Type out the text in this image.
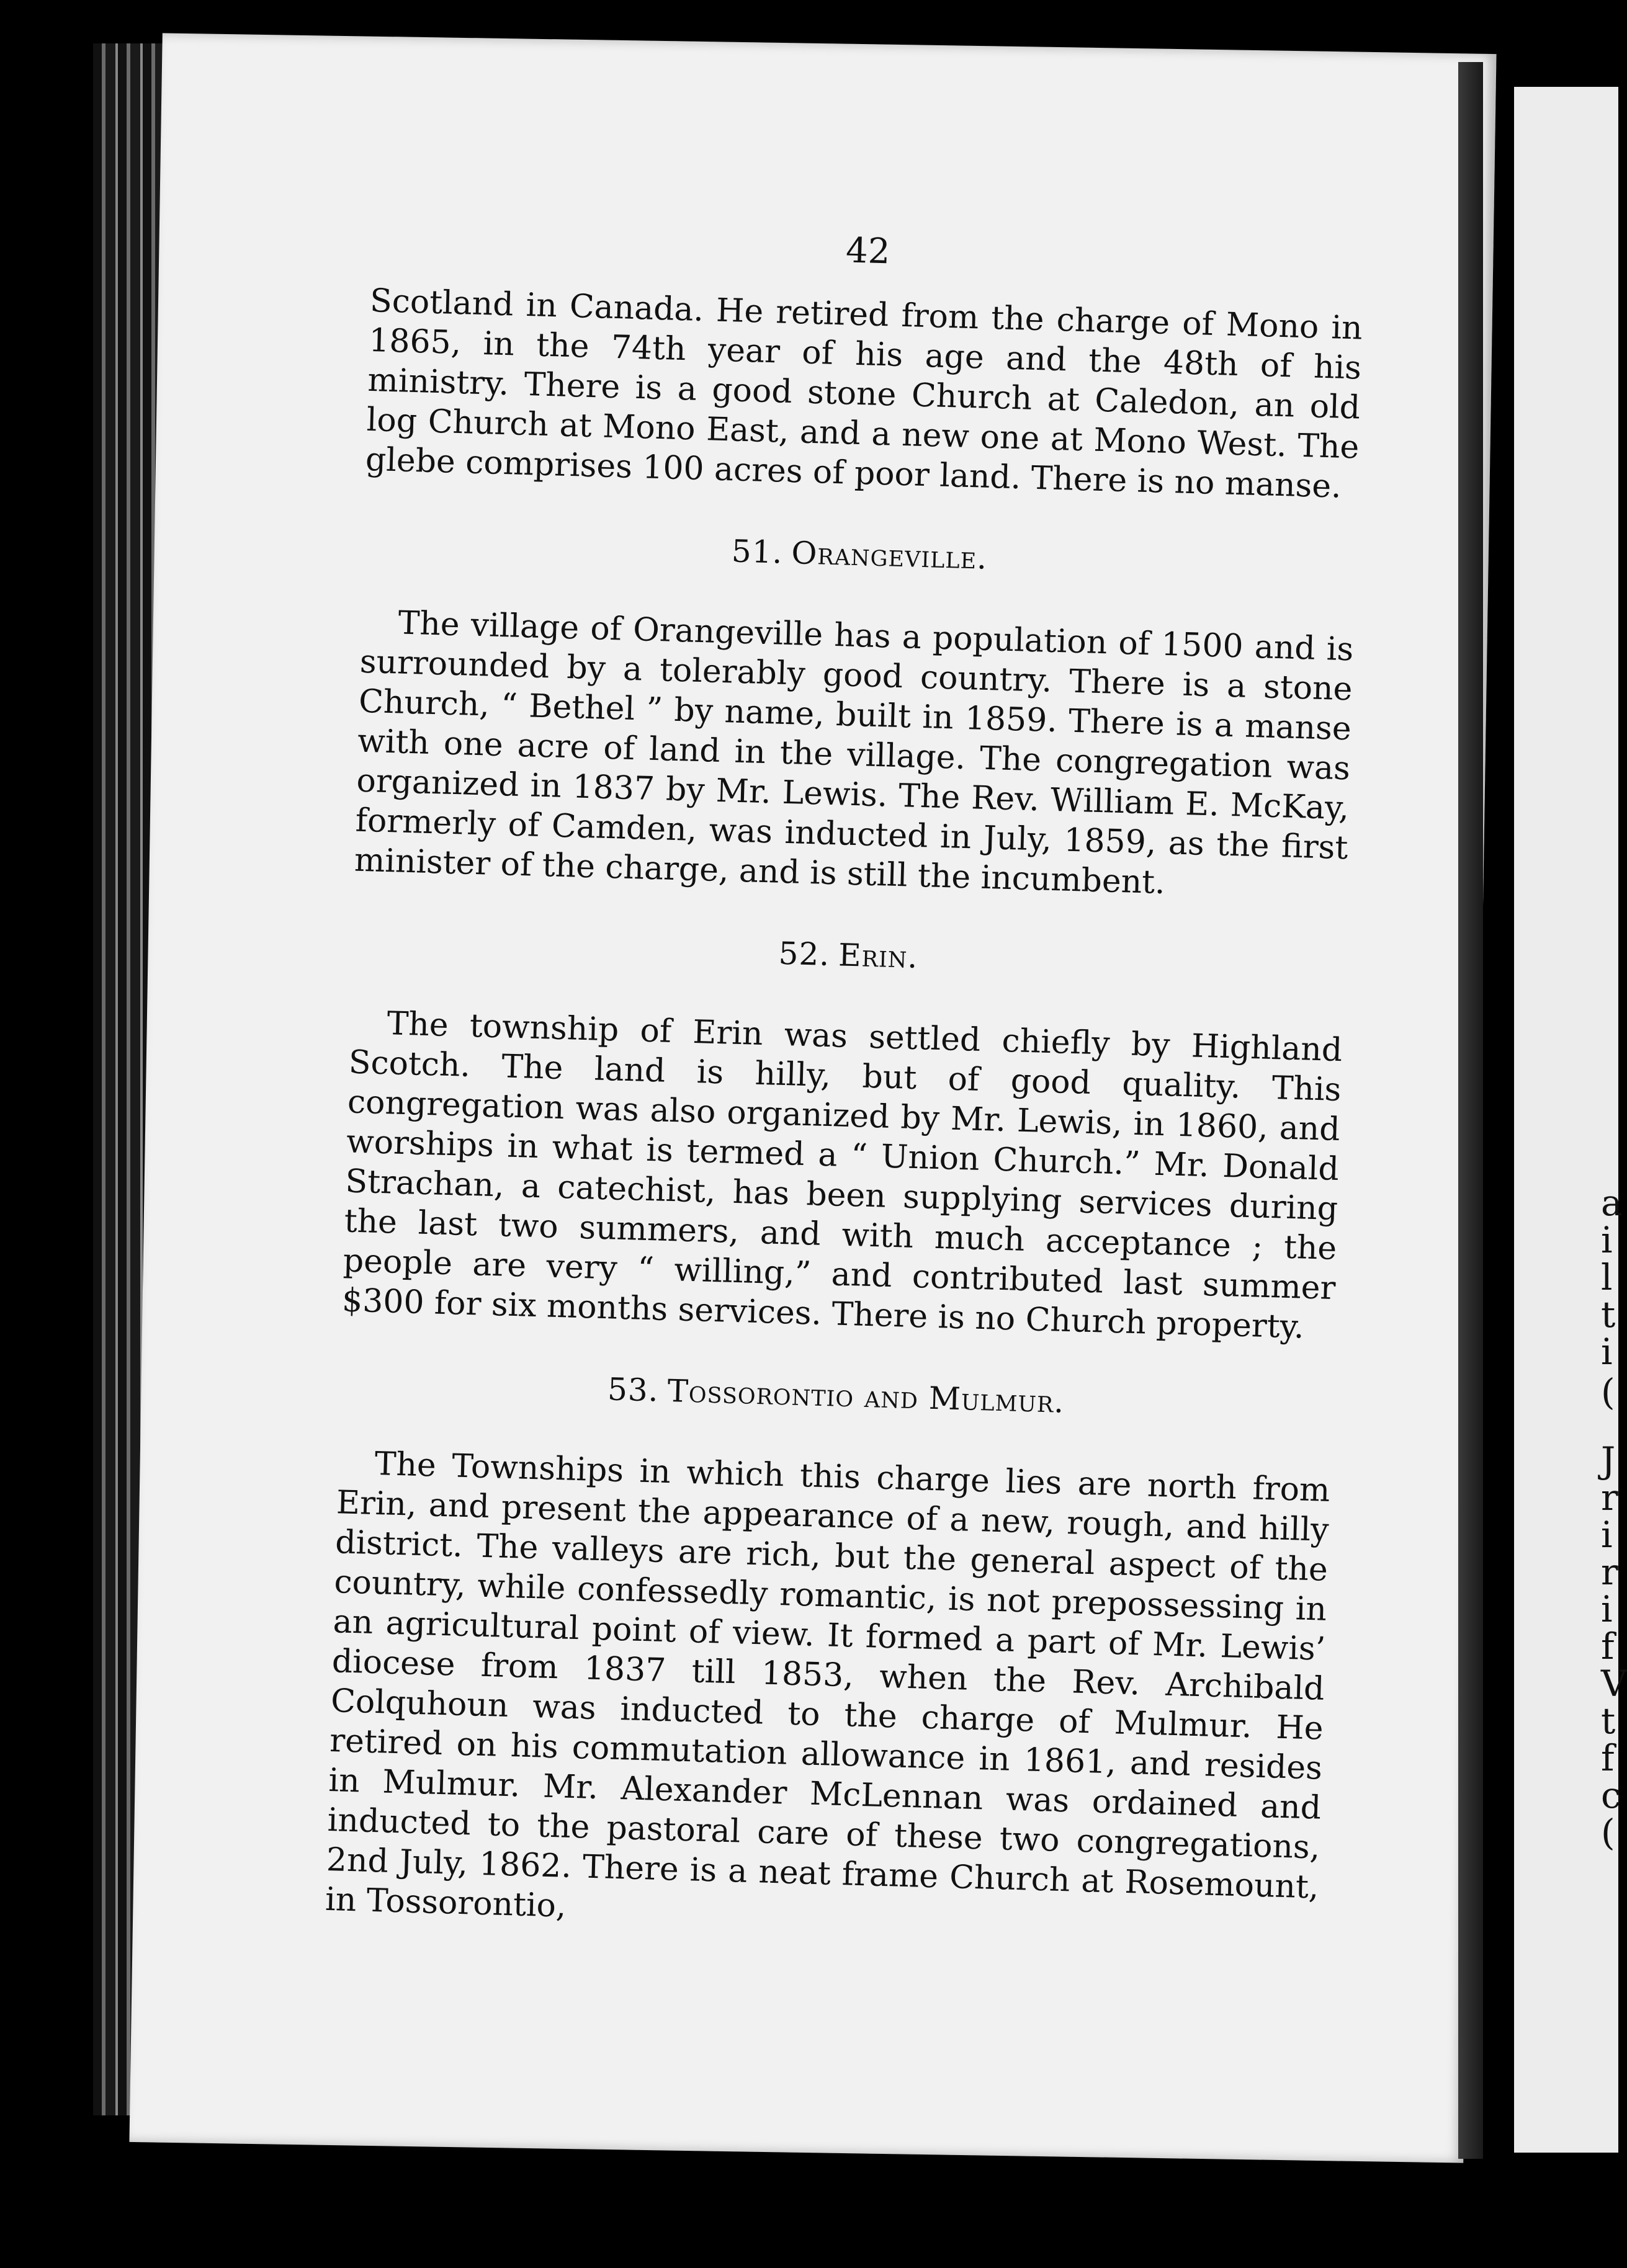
a
i
l
t
i
(
J
r
i
r
i
f
V
t
f
c
(
42

Scotland in Canada. He retired from the charge of Mono in 1865, in the 74th year of his age and the 48th of his ministry. There is a good stone Church at Caledon, an old log Church at Mono East, and a new one at Mono West. The glebe comprises 100 acres of poor land. There is no manse.

51. Orangeville.

The village of Orangeville has a population of 1500 and is surrounded by a tolerably good country. There is a stone Church, “ Bethel ” by name, built in 1859. There is a manse with one acre of land in the village. The congregation was organized in 1837 by Mr. Lewis. The Rev. William E. McKay, formerly of Camden, was inducted in July, 1859, as the first minister of the charge, and is still the incumbent.

52. Erin.

The township of Erin was settled chiefly by Highland Scotch. The land is hilly, but of good quality. This congregation was also organized by Mr. Lewis, in 1860, and worships in what is termed a “ Union Church.” Mr. Donald Strachan, a catechist, has been supplying services during the last two summers, and with much acceptance ; the people are very “ willing,” and contributed last summer $300 for six months services. There is no Church property.

53. Tossorontio and Mulmur.

The Townships in which this charge lies are north from Erin, and present the appearance of a new, rough, and hilly district. The valleys are rich, but the general aspect of the country, while confessedly romantic, is not prepossessing in an agricultural point of view. It formed a part of Mr. Lewis’ diocese from 1837 till 1853, when the Rev. Archibald Colquhoun was inducted to the charge of Mulmur. He retired on his commutation allowance in 1861, and resides in Mulmur. Mr. Alexander McLennan was ordained and inducted to the pastoral care of these two congregations, 2nd July, 1862. There is a neat frame Church at Rosemount, in Tossorontio,
